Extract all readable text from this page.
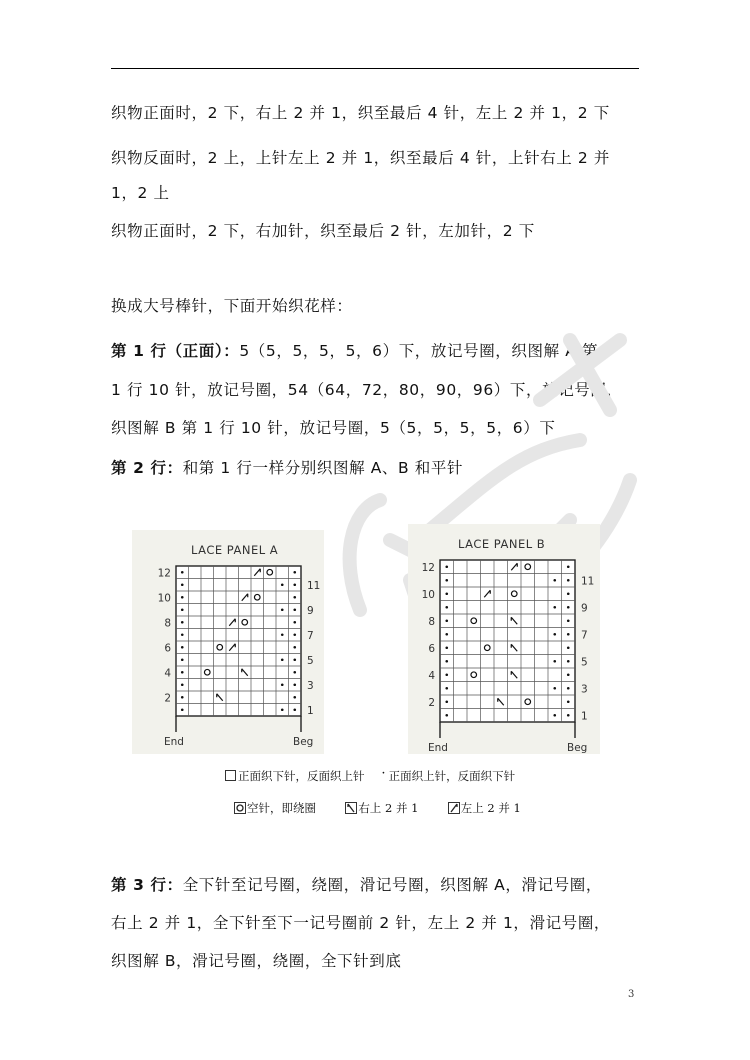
织物正面时，2 下，右上 2 并 1，织至最后 4 针，左上 2 并 1，2 下
织物反面时，2 上，上针左上 2 并 1，织至最后 4 针，上针右上 2 并
1，2 上
织物正面时，2 下，右加针，织至最后 2 针，左加针，2 下
换成大号棒针，下面开始织花样：
第 1 行（正面）：5（5，5，5，5，6）下，放记号圈，织图解 A 第
1 行 10 针，放记号圈，54（64，72，80，90，96）下，放记号圈，
织图解 B 第 1 行 10 针，放记号圈，5（5，5，5，5，6）下
第 2 行：和第 1 行一样分别织图解 A、B 和平针
LACE PANEL A
12
10
8
6
4
2
11
9
7
5
3
1
End	Beg
LACE PANEL B
12
10
8
6
4
2
11
9
7
5
3
1
End	Beg
正面织下针，反面织上针 · 正面织上针，反面织下针
空针，即绕圈	右上 2 并 1	左上 2 并 1
第 3 行：全下针至记号圈，绕圈，滑记号圈，织图解 A，滑记号圈，
右上 2 并 1，全下针至下一记号圈前 2 针，左上 2 并 1，滑记号圈，
织图解 B，滑记号圈，绕圈，全下针到底
3
